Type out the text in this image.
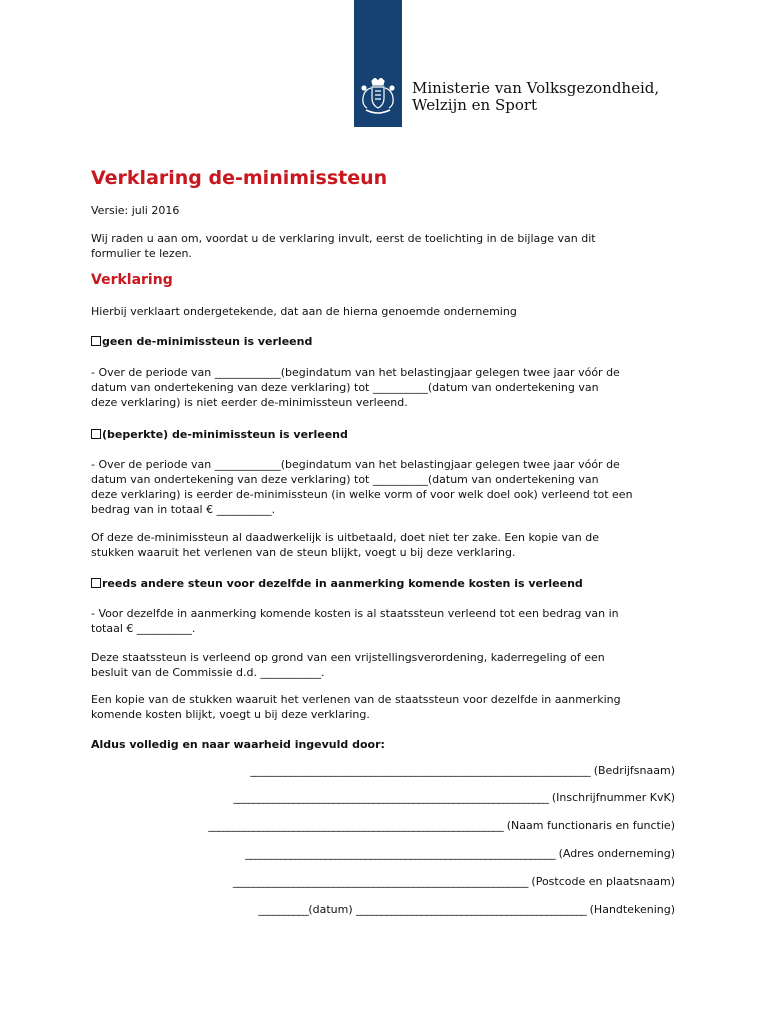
Ministerie van Volksgezondheid,
Welzijn en Sport
Verklaring de-minimissteun

Versie: juli 2016

Wij raden u aan om, voordat u de verklaring invult, eerst de toelichting in de bijlage van dit
formulier te lezen.

Verklaring

Hierbij verklaart ondergetekende, dat aan de hierna genoemde onderneming

geen de-minimissteun is verleend

- Over de periode van ____________(begindatum van het belastingjaar gelegen twee jaar vóór de
datum van ondertekening van deze verklaring) tot __________(datum van ondertekening van
deze verklaring) is niet eerder de-minimissteun verleend.

(beperkte) de-minimissteun is verleend

- Over de periode van ____________(begindatum van het belastingjaar gelegen twee jaar vóór de
datum van ondertekening van deze verklaring) tot __________(datum van ondertekening van
deze verklaring) is eerder de-minimissteun (in welke vorm of voor welk doel ook) verleend tot een
bedrag van in totaal € __________.

Of deze de-minimissteun al daadwerkelijk is uitbetaald, doet niet ter zake. Een kopie van de
stukken waaruit het verlenen van de steun blijkt, voegt u bij deze verklaring.

reeds andere steun voor dezelfde in aanmerking komende kosten is verleend

- Voor dezelfde in aanmerking komende kosten is al staatssteun verleend tot een bedrag van in
totaal € __________.

Deze staatssteun is verleend op grond van een vrijstellingsverordening, kaderregeling of een
besluit van de Commissie d.d. ___________.

Een kopie van de stukken waaruit het verlenen van de staatssteun voor dezelfde in aanmerking
komende kosten blijkt, voegt u bij deze verklaring.

Aldus volledig en naar waarheid ingevuld door:

____________________________________________________________________ (Bedrijfsnaam)

_______________________________________________________________ (Inschrijfnummer KvK)

___________________________________________________________ (Naam functionaris en functie)

______________________________________________________________ (Adres onderneming)

___________________________________________________________ (Postcode en plaatsnaam)

__________(datum) ______________________________________________ (Handtekening)
